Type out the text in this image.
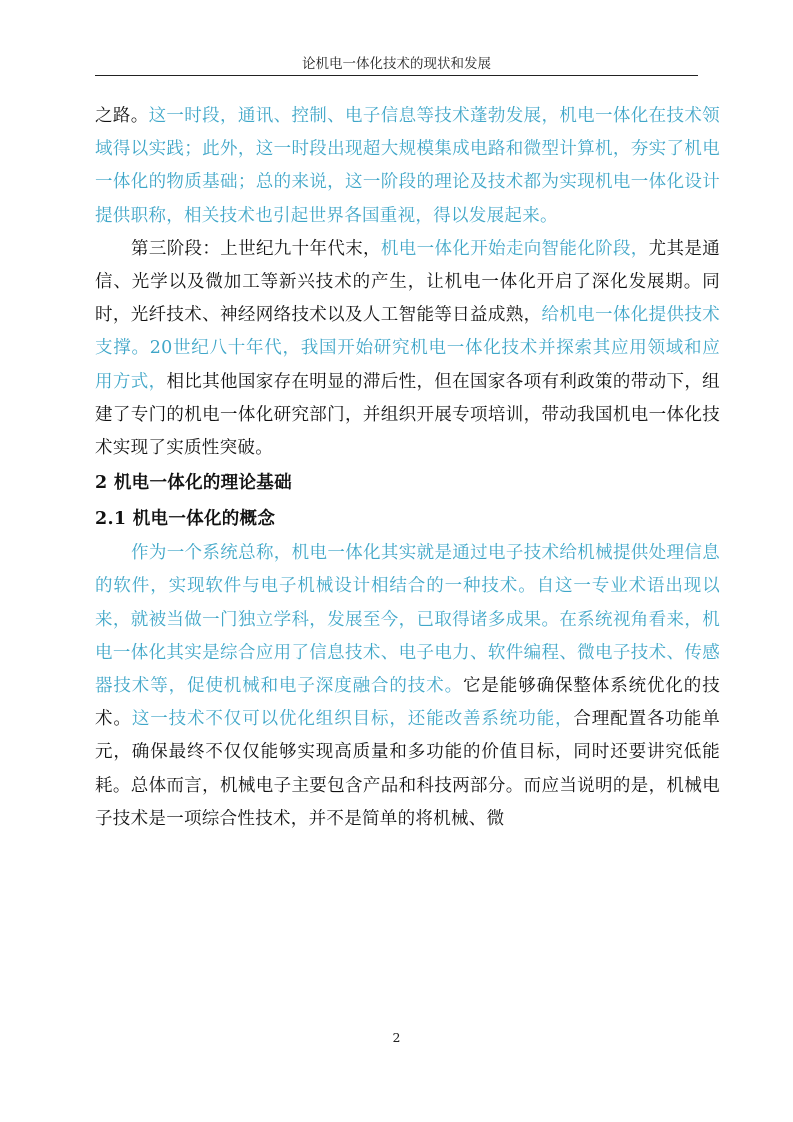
论机电一体化技术的现状和发展

之路。这一时段，通讯、控制、电子信息等技术蓬勃发展，机电一体化在技术领域得以实践；此外，这一时段出现超大规模集成电路和微型计算机，夯实了机电一体化的物质基础；总的来说，这一阶段的理论及技术都为实现机电一体化设计提供职称，相关技术也引起世界各国重视，得以发展起来。

第三阶段：上世纪九十年代末，机电一体化开始走向智能化阶段，尤其是通信、光学以及微加工等新兴技术的产生，让机电一体化开启了深化发展期。同时，光纤技术、神经网络技术以及人工智能等日益成熟，给机电一体化提供技术支撑。20世纪八十年代，我国开始研究机电一体化技术并探索其应用领域和应用方式，相比其他国家存在明显的滞后性，但在国家各项有利政策的带动下，组建了专门的机电一体化研究部门，并组织开展专项培训，带动我国机电一体化技术实现了实质性突破。

2 机电一体化的理论基础
2.1 机电一体化的概念

作为一个系统总称，机电一体化其实就是通过电子技术给机械提供处理信息的软件，实现软件与电子机械设计相结合的一种技术。自这一专业术语出现以来，就被当做一门独立学科，发展至今，已取得诸多成果。在系统视角看来，机电一体化其实是综合应用了信息技术、电子电力、软件编程、微电子技术、传感器技术等，促使机械和电子深度融合的技术。它是能够确保整体系统优化的技术。这一技术不仅可以优化组织目标，还能改善系统功能，合理配置各功能单元，确保最终不仅仅能够实现高质量和多功能的价值目标，同时还要讲究低能耗。总体而言，机械电子主要包含产品和科技两部分。而应当说明的是，机械电子技术是一项综合性技术，并不是简单的将机械、微

2
